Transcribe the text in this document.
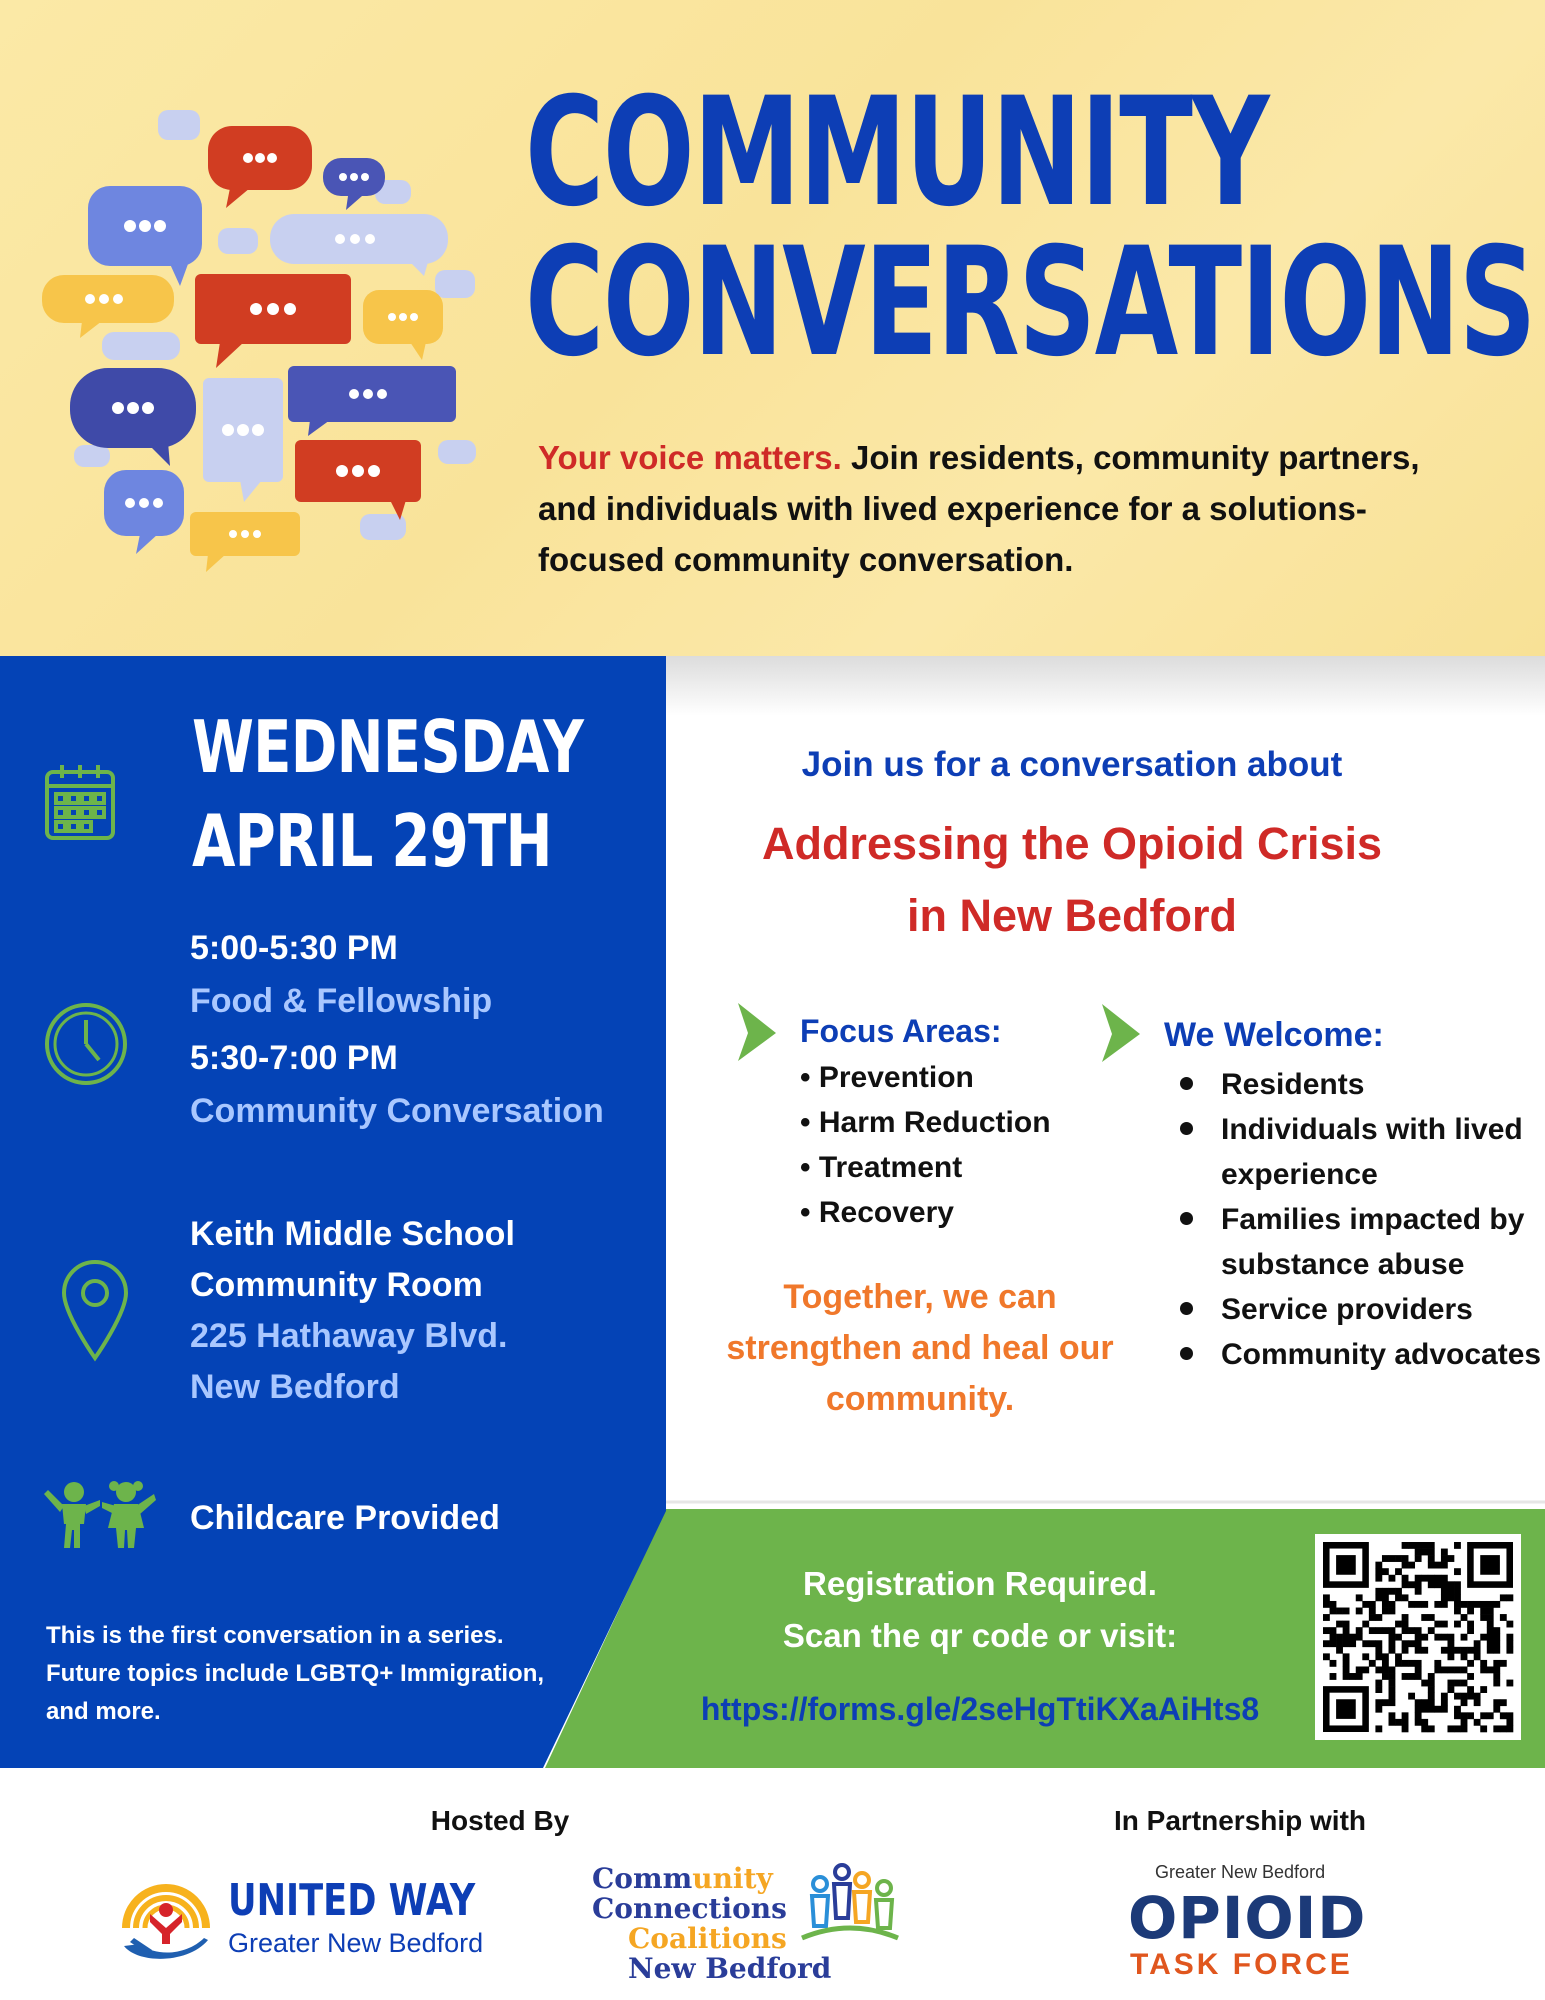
COMMUNITY
CONVERSATIONS
Your voice matters. Join residents, community partners, and individuals with lived experience for a solutions-focused community conversation.
WEDNESDAY
APRIL 29TH
5:00-5:30 PM
Food & Fellowship
5:30-7:00 PM
Community Conversation
Keith Middle School
Community Room
225 Hathaway Blvd.
New Bedford
Childcare Provided
This is the first conversation in a series. Future topics include LGBTQ+ Immigration, and more.
Join us for a conversation about
Addressing the Opioid Crisis
in New Bedford
Focus Areas:
• Prevention
• Harm Reduction
• Treatment
• Recovery
Together, we can strengthen and heal our community.
We Welcome:
Residents
Individuals with lived experience
Families impacted by substance abuse
Service providers
Community advocates
Registration Required.
Scan the qr code or visit:
https://forms.gle/2seHgTtiKXaAiHts8
Hosted By	In Partnership with
UNITED WAY
Greater New Bedford
Community
Connections
Coalitions
New Bedford
Greater New Bedford
OPIOID
TASK FORCE
